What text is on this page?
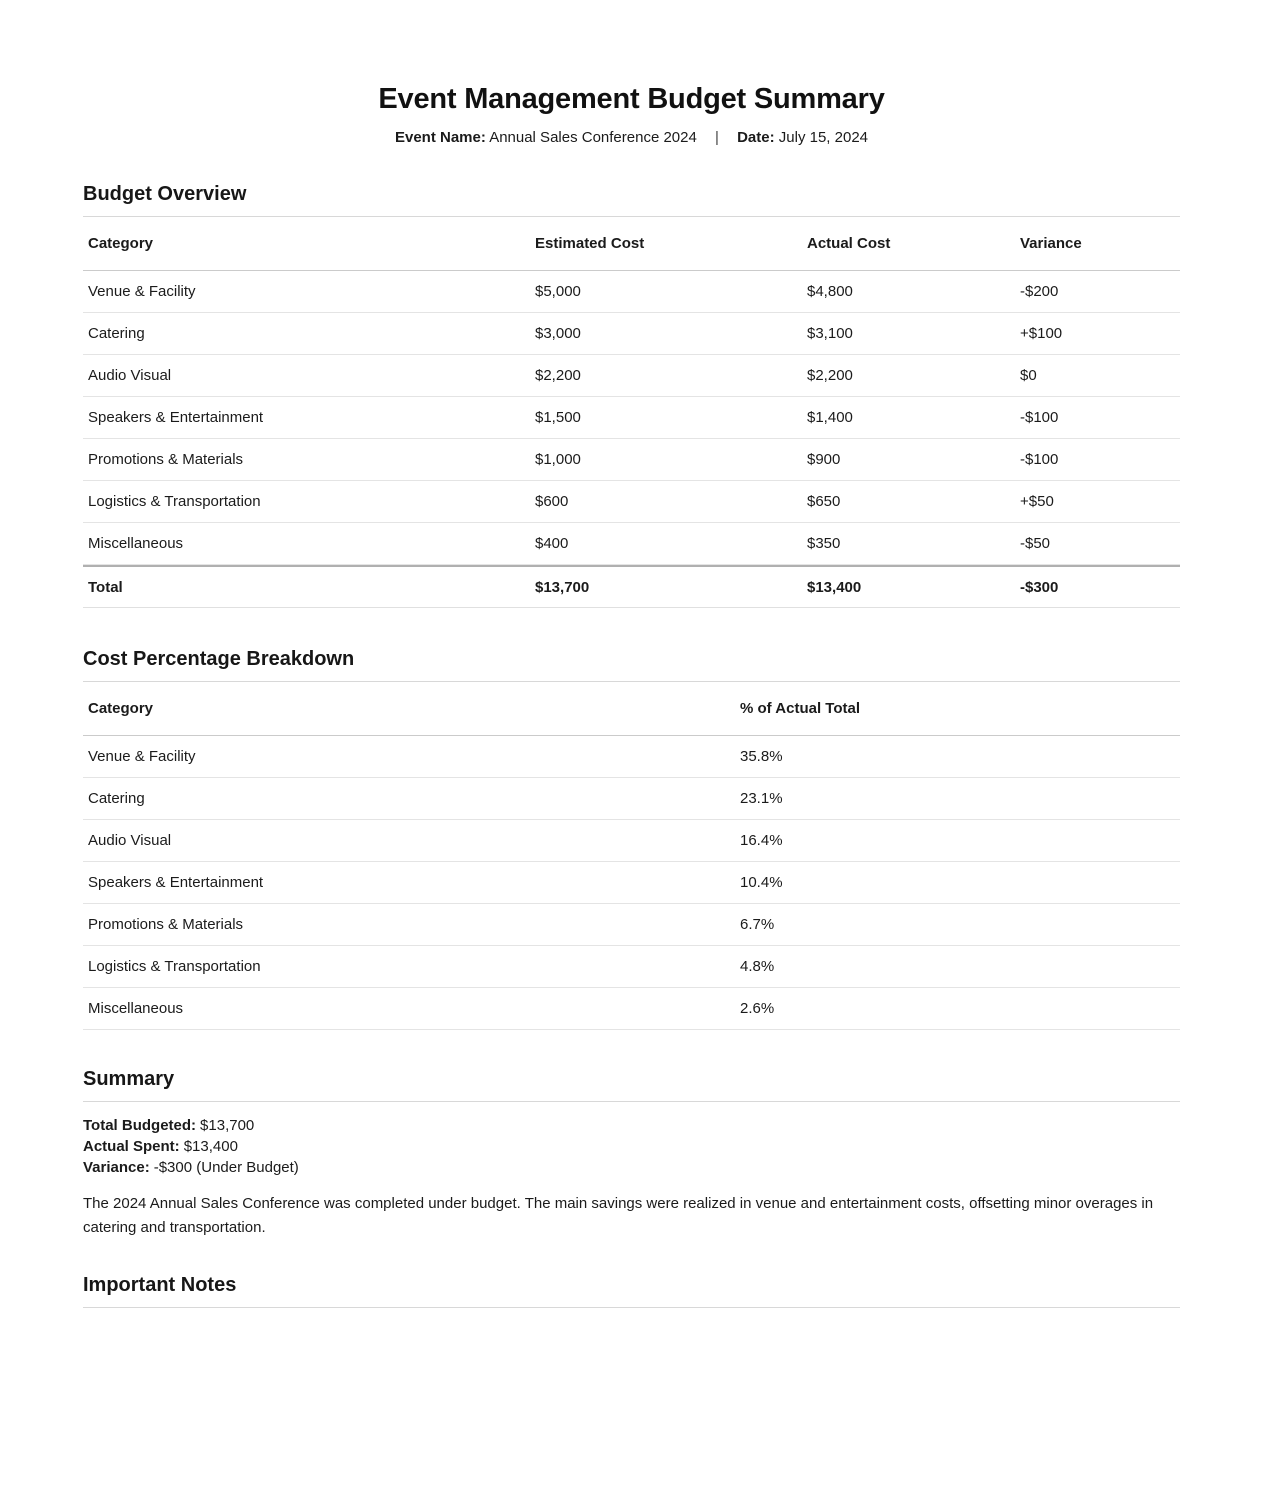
Event Management Budget Summary
Event Name: Annual Sales Conference 2024 | Date: July 15, 2024
Budget Overview
Category	Estimated Cost	Actual Cost	Variance
Venue & Facility	$5,000	$4,800	-$200
Catering	$3,000	$3,100	+$100
Audio Visual	$2,200	$2,200	$0
Speakers & Entertainment	$1,500	$1,400	-$100
Promotions & Materials	$1,000	$900	-$100
Logistics & Transportation	$600	$650	+$50
Miscellaneous	$400	$350	-$50
Total	$13,700	$13,400	-$300
Cost Percentage Breakdown
Category	% of Actual Total
Venue & Facility	35.8%
Catering	23.1%
Audio Visual	16.4%
Speakers & Entertainment	10.4%
Promotions & Materials	6.7%
Logistics & Transportation	4.8%
Miscellaneous	2.6%
Summary
Total Budgeted: $13,700
Actual Spent: $13,400
Variance: -$300 (Under Budget)

The 2024 Annual Sales Conference was completed under budget. The main savings were realized in venue and entertainment costs, offsetting minor overages in catering and transportation.

Important Notes
